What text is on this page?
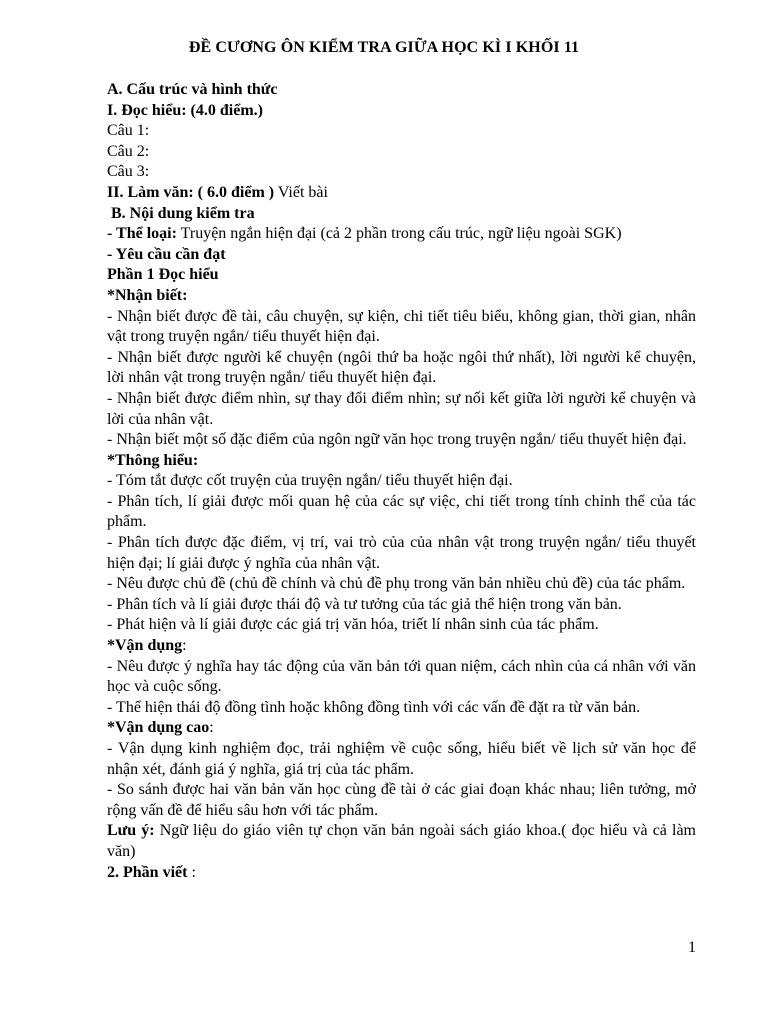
ĐỀ CƯƠNG ÔN KIỂM TRA GIỮA HỌC KÌ I KHỐI 11

A. Cấu trúc và hình thức

I. Đọc hiểu: (4.0 điểm.)

Câu 1:

Câu 2:

Câu 3:

II. Làm văn: ( 6.0 điểm ) Viết bài

B. Nội dung kiểm tra

- Thể loại: Truyện ngắn hiện đại (cả 2 phần trong cấu trúc, ngữ liệu ngoài SGK)

- Yêu cầu cần đạt

Phần 1 Đọc hiểu

*Nhận biết:

- Nhận biết được đề tài, câu chuyện, sự kiện, chi tiết tiêu biểu, không gian, thời gian, nhân vật trong truyện ngắn/ tiểu thuyết hiện đại.

- Nhận biết được người kể chuyện (ngôi thứ ba hoặc ngôi thứ nhất), lời người kể chuyện, lời nhân vật trong truyện ngắn/ tiểu thuyết hiện đại.

- Nhận biết được điểm nhìn, sự thay đổi điểm nhìn; sự nối kết giữa lời người kể chuyện và lời của nhân vật.

- Nhận biết một số đặc điểm của ngôn ngữ văn học trong truyện ngắn/ tiểu thuyết hiện đại.

*Thông hiểu:

- Tóm tắt được cốt truyện của truyện ngắn/ tiểu thuyết hiện đại.

- Phân tích, lí giải được mối quan hệ của các sự việc, chi tiết trong tính chỉnh thể của tác phẩm.

- Phân tích được đặc điểm, vị trí, vai trò của của nhân vật trong truyện ngắn/ tiểu thuyết hiện đại; lí giải được ý nghĩa của nhân vật.

- Nêu được chủ đề (chủ đề chính và chủ đề phụ trong văn bản nhiều chủ đề) của tác phẩm.

- Phân tích và lí giải được thái độ và tư tưởng của tác giả thể hiện trong văn bản.

- Phát hiện và lí giải được các giá trị văn hóa, triết lí nhân sinh của tác phẩm.

*Vận dụng:

- Nêu được ý nghĩa hay tác động của văn bản tới quan niệm, cách nhìn của cá nhân với văn học và cuộc sống.

- Thể hiện thái độ đồng tình hoặc không đồng tình với các vấn đề đặt ra từ văn bản.

*Vận dụng cao:

- Vận dụng kinh nghiệm đọc, trải nghiệm về cuộc sống, hiểu biết về lịch sử văn học để nhận xét, đánh giá ý nghĩa, giá trị của tác phẩm.

- So sánh được hai văn bản văn học cùng đề tài ở các giai đoạn khác nhau; liên tưởng, mở rộng vấn đề để hiểu sâu hơn với tác phẩm.

Lưu ý: Ngữ liệu do giáo viên tự chọn văn bản ngoài sách giáo khoa.( đọc hiểu và cả làm văn)

2. Phần viết :

1
